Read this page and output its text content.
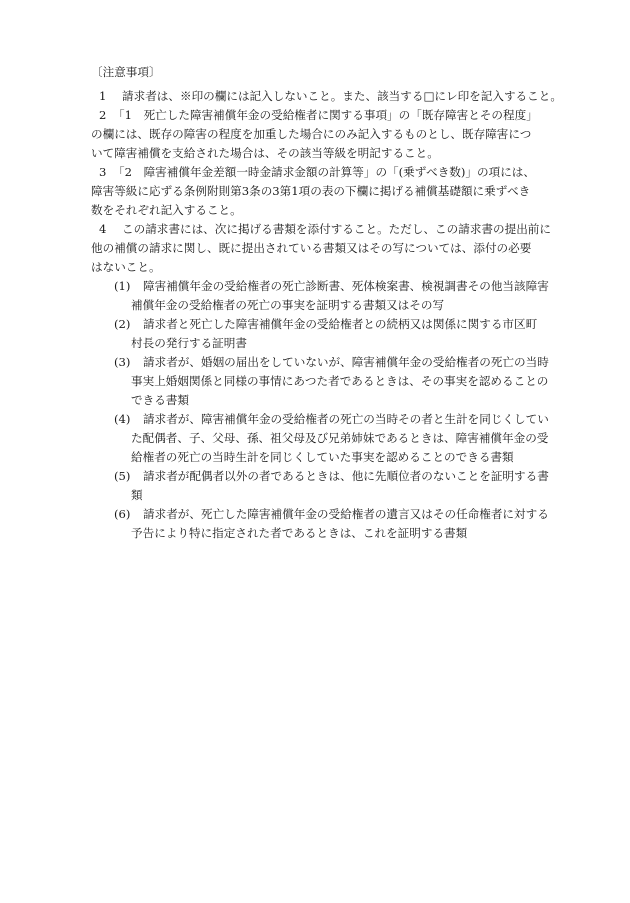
〔注意事項〕
1 請求者は、※印の欄には記入しないこと。また、該当する□にレ印を記入すること。
2 「1　死亡した障害補償年金の受給権者に関する事項」の「既存障害とその程度」
の欄には、既存の障害の程度を加重した場合にのみ記入するものとし、既存障害につ
いて障害補償を支給された場合は、その該当等級を明記すること。
3 「2　障害補償年金差額一時金請求金額の計算等」の「(乗ずべき数)」の項には、
障害等級に応ずる条例附則第3条の3第1項の表の下欄に掲げる補償基礎額に乗ずべき
数をそれぞれ記入すること。
4 この請求書には、次に掲げる書類を添付すること。ただし、この請求書の提出前に
他の補償の請求に関し、既に提出されている書類又はその写については、添付の必要
はないこと。
(1) 障害補償年金の受給権者の死亡診断書、死体検案書、検視調書その他当該障害
補償年金の受給権者の死亡の事実を証明する書類又はその写
(2) 請求者と死亡した障害補償年金の受給権者との続柄又は関係に関する市区町
村長の発行する証明書
(3) 請求者が、婚姻の届出をしていないが、障害補償年金の受給権者の死亡の当時
事実上婚姻関係と同様の事情にあつた者であるときは、その事実を認めることの
できる書類
(4) 請求者が、障害補償年金の受給権者の死亡の当時その者と生計を同じくしてい
た配偶者、子、父母、孫、祖父母及び兄弟姉妹であるときは、障害補償年金の受
給権者の死亡の当時生計を同じくしていた事実を認めることのできる書類
(5) 請求者が配偶者以外の者であるときは、他に先順位者のないことを証明する書
類
(6) 請求者が、死亡した障害補償年金の受給権者の遺言又はその任命権者に対する
予告により特に指定された者であるときは、これを証明する書類
